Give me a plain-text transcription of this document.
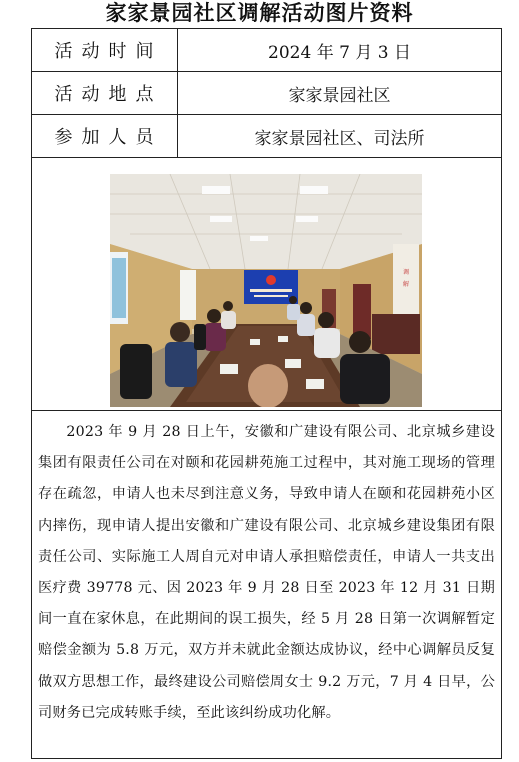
家家景园社区调解活动图片资料
活动时间	2024 年 7 月 3 日
活动地点	家家景园社区
参加人员	家家景园社区、司法所
调
解

2023 年 9 月 28 日上午，安徽和广建设有限公司、北京城乡建设集团有限责任公司在对颐和花园耕苑施工过程中，其对施工现场的管理存在疏忽，申请人也未尽到注意义务，导致申请人在颐和花园耕苑小区内摔伤，现申请人提出安徽和广建设有限公司、北京城乡建设集团有限责任公司、实际施工人周自元对申请人承担赔偿责任，申请人一共支出医疗费 39778 元、因 2023 年 9 月 28 日至 2023 年 12 月 31 日期间一直在家休息，在此期间的误工损失，经 5 月 28 日第一次调解暂定赔偿金额为 5.8 万元，双方并未就此金额达成协议，经中心调解员反复做双方思想工作，最终建设公司赔偿周女士 9.2 万元，7 月 4 日早，公司财务已完成转账手续，至此该纠纷成功化解。
